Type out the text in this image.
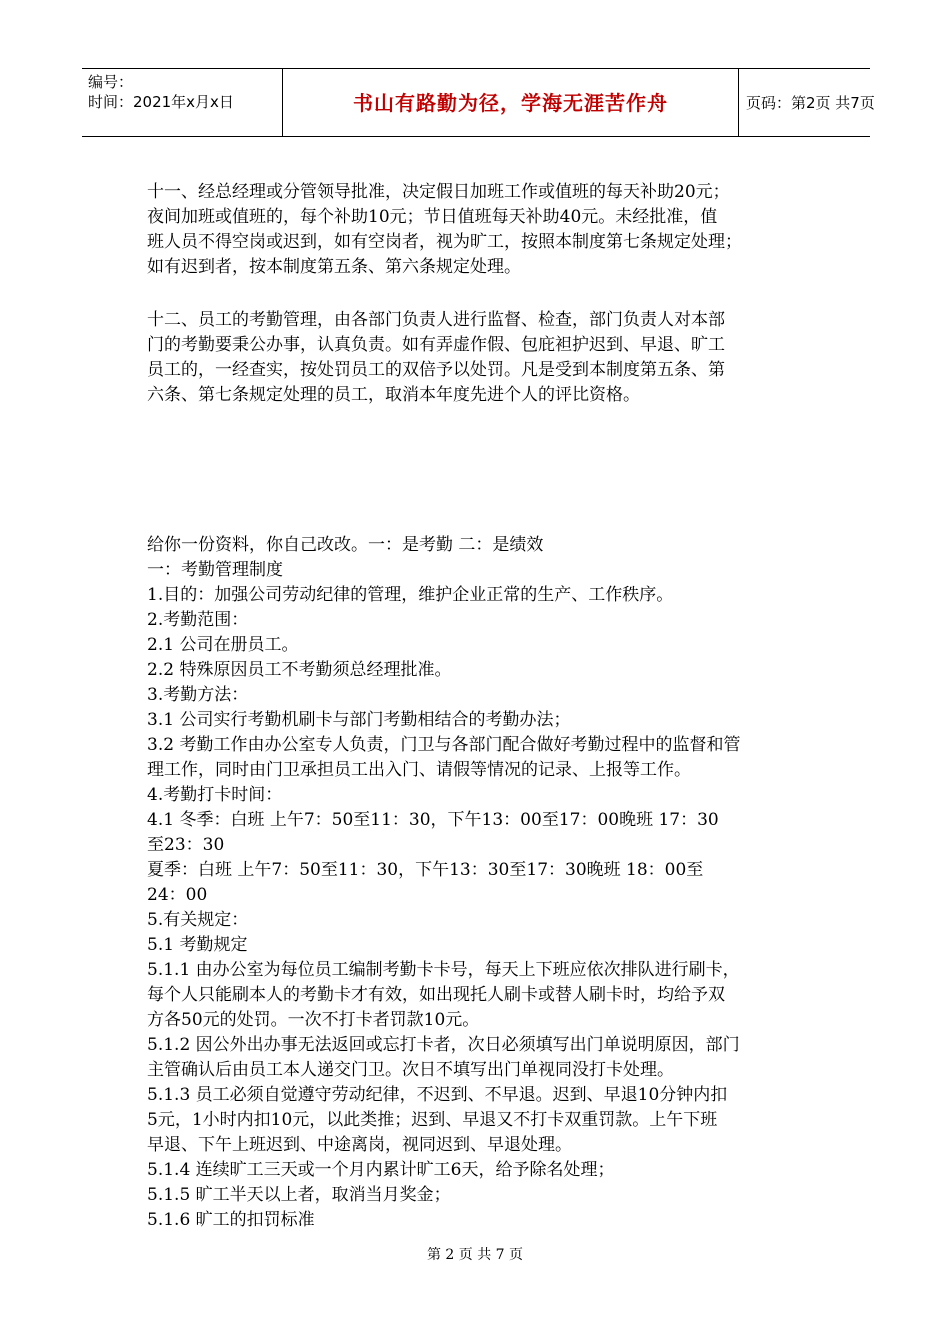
编号：
时间：2021年x月x日	书山有路勤为径，学海无涯苦作舟	页码：第2页 共7页
十一、经总经理或分管领导批准，决定假日加班工作或值班的每天补助20元；
夜间加班或值班的，每个补助10元；节日值班每天补助40元。未经批准，值
班人员不得空岗或迟到，如有空岗者，视为旷工，按照本制度第七条规定处理；
如有迟到者，按本制度第五条、第六条规定处理。
十二、员工的考勤管理，由各部门负责人进行监督、检查，部门负责人对本部
门的考勤要秉公办事，认真负责。如有弄虚作假、包庇袒护迟到、早退、旷工
员工的，一经查实，按处罚员工的双倍予以处罚。凡是受到本制度第五条、第
六条、第七条规定处理的员工，取消本年度先进个人的评比资格。
给你一份资料，你自己改改。一：是考勤 二：是绩效
一：考勤管理制度
1.目的：加强公司劳动纪律的管理，维护企业正常的生产、工作秩序。
2.考勤范围：
2.1 公司在册员工。
2.2 特殊原因员工不考勤须总经理批准。
3.考勤方法：
3.1 公司实行考勤机刷卡与部门考勤相结合的考勤办法；
3.2 考勤工作由办公室专人负责，门卫与各部门配合做好考勤过程中的监督和管
理工作，同时由门卫承担员工出入门、请假等情况的记录、上报等工作。
4.考勤打卡时间：
4.1 冬季：白班 上午7：50至11：30，下午13：00至17：00晚班 17：30
至23：30
夏季：白班 上午7：50至11：30，下午13：30至17：30晚班 18：00至
24：00
5.有关规定：
5.1 考勤规定
5.1.1 由办公室为每位员工编制考勤卡卡号，每天上下班应依次排队进行刷卡，
每个人只能刷本人的考勤卡才有效，如出现托人刷卡或替人刷卡时，均给予双
方各50元的处罚。一次不打卡者罚款10元。
5.1.2 因公外出办事无法返回或忘打卡者，次日必须填写出门单说明原因，部门
主管确认后由员工本人递交门卫。次日不填写出门单视同没打卡处理。
5.1.3 员工必须自觉遵守劳动纪律，不迟到、不早退。迟到、早退10分钟内扣
5元，1小时内扣10元，以此类推；迟到、早退又不打卡双重罚款。上午下班
早退、下午上班迟到、中途离岗，视同迟到、早退处理。
5.1.4 连续旷工三天或一个月内累计旷工6天，给予除名处理；
5.1.5 旷工半天以上者，取消当月奖金；
5.1.6 旷工的扣罚标准
第 2 页 共 7 页
